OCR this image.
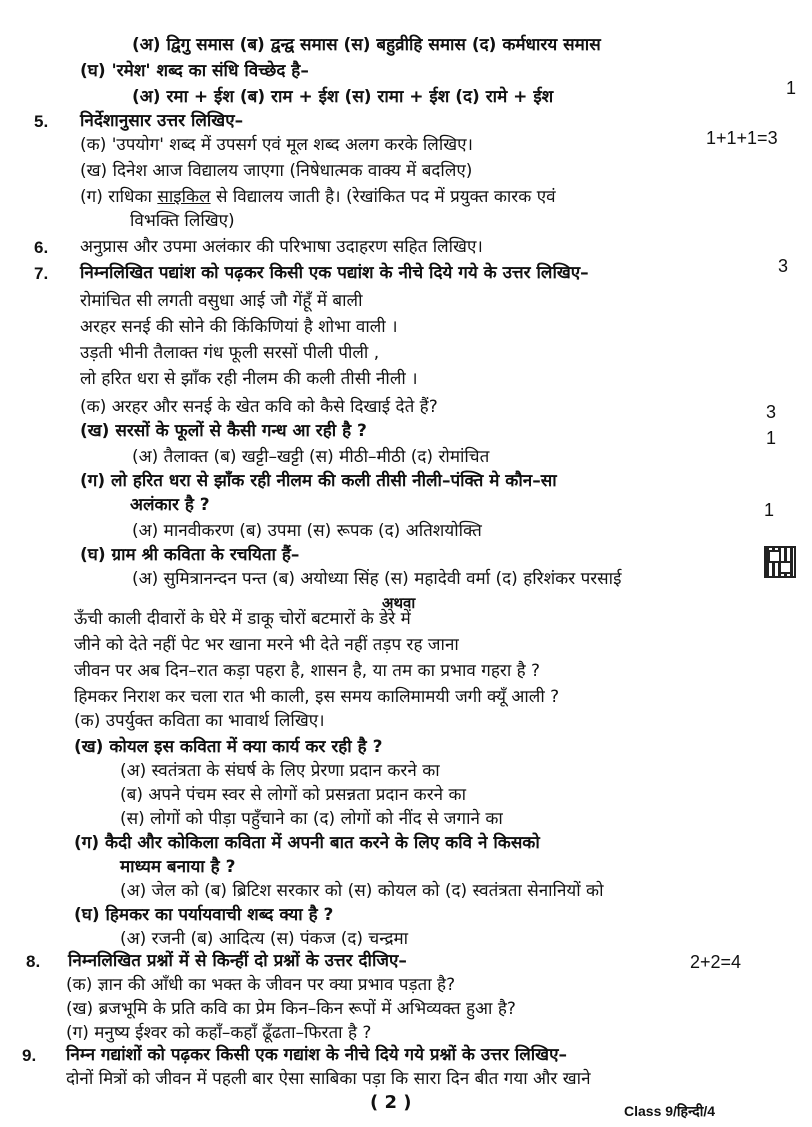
(अ) द्विगु समास (ब) द्वन्द्व समास (स) बहुव्रीहि समास (द) कर्मधारय समास
1
(घ) 'रमेश' शब्द का संधि विच्छेद है–
(अ) रमा + ईश (ब) राम + ईश (स) रामा + ईश (द) रामे + ईश
5. निर्देशानुसार उत्तर लिखिए–
1+1+1=3
(क) 'उपयोग' शब्द में उपसर्ग एवं मूल शब्द अलग करके लिखिए।
(ख) दिनेश आज विद्यालय जाएगा (निषेधात्मक वाक्य में बदलिए)
(ग) राधिका साइकिल से विद्यालय जाती है। (रेखांकित पद में प्रयुक्त कारक एवं
विभक्ति लिखिए)
6. अनुप्रास और उपमा अलंकार की परिभाषा उदाहरण सहित लिखिए।
3
7. निम्नलिखित पद्यांश को पढ़कर किसी एक पद्यांश के नीचे दिये गये के उत्तर लिखिए–
रोमांचित सी लगती वसुधा आई जौ गेंहूँ में बाली
अरहर सनई की सोने की किंकिणियां है शोभा वाली ।
उड़ती भीनी तैलाक्त गंध फूली सरसों पीली पीली ,
लो हरित धरा से झाँक रही नीलम की कली तीसी नीली ।
(क) अरहर और सनई के खेत कवि को कैसे दिखाई देते हैं?	3
(ख) सरसों के फूलों से कैसी गन्ध आ रही है ?	1
(अ) तैलाक्त (ब) खट्टी–खट्टी (स) मीठी–मीठी (द) रोमांचित
(ग) लो हरित धरा से झाँक रही नीलम की कली तीसी नीली–पंक्ति मे कौन–सा
अलंकार है ?	1
(अ) मानवीकरण (ब) उपमा (स) रूपक (द) अतिशयोक्ति
(घ) ग्राम श्री कविता के रचयिता हैं–
(अ) सुमित्रानन्दन पन्त (ब) अयोध्या सिंह (स) महादेवी वर्मा (द) हरिशंकर परसाई
अथवा
ऊँची काली दीवारों के घेरे में डाकू चोरों बटमारों के डेरे में
जीने को देते नहीं पेट भर खाना मरने भी देते नहीं तड़प रह जाना
जीवन पर अब दिन–रात कड़ा पहरा है, शासन है, या तम का प्रभाव गहरा है ?
हिमकर निराश कर चला रात भी काली, इस समय कालिमामयी जगी क्यूँ आली ?
(क) उपर्युक्त कविता का भावार्थ लिखिए।
(ख) कोयल इस कविता में क्या कार्य कर रही है ?
(अ) स्वतंत्रता के संघर्ष के लिए प्रेरणा प्रदान करने का
(ब) अपने पंचम स्वर से लोगों को प्रसन्नता प्रदान करने का
(स) लोगों को पीड़ा पहुँचाने का (द) लोगों को नींद से जगाने का
(ग) कैदी और कोकिला कविता में अपनी बात करने के लिए कवि ने किसको
माध्यम बनाया है ?
(अ) जेल को (ब) ब्रिटिश सरकार को (स) कोयल को (द) स्वतंत्रता सेनानियों को
(घ) हिमकर का पर्यायवाची शब्द क्या है ?
(अ) रजनी (ब) आदित्य (स) पंकज (द) चन्द्रमा
8. निम्नलिखित प्रश्नों में से किन्हीं दो प्रश्नों के उत्तर दीजिए–	2+2=4
(क) ज्ञान की आँधी का भक्त के जीवन पर क्या प्रभाव पड़ता है?
(ख) ब्रजभूमि के प्रति कवि का प्रेम किन–किन रूपों में अभिव्यक्त हुआ है?
(ग) मनुष्य ईश्वर को कहाँ–कहाँ ढूँढता–फिरता है ?
9. निम्न गद्यांशों को पढ़कर किसी एक गद्यांश के नीचे दिये गये प्रश्नों के उत्तर लिखिए–
दोनों मित्रों को जीवन में पहली बार ऐसा साबिका पड़ा कि सारा दिन बीत गया और खाने
( 2 )	Class 9/हिन्दी/4
